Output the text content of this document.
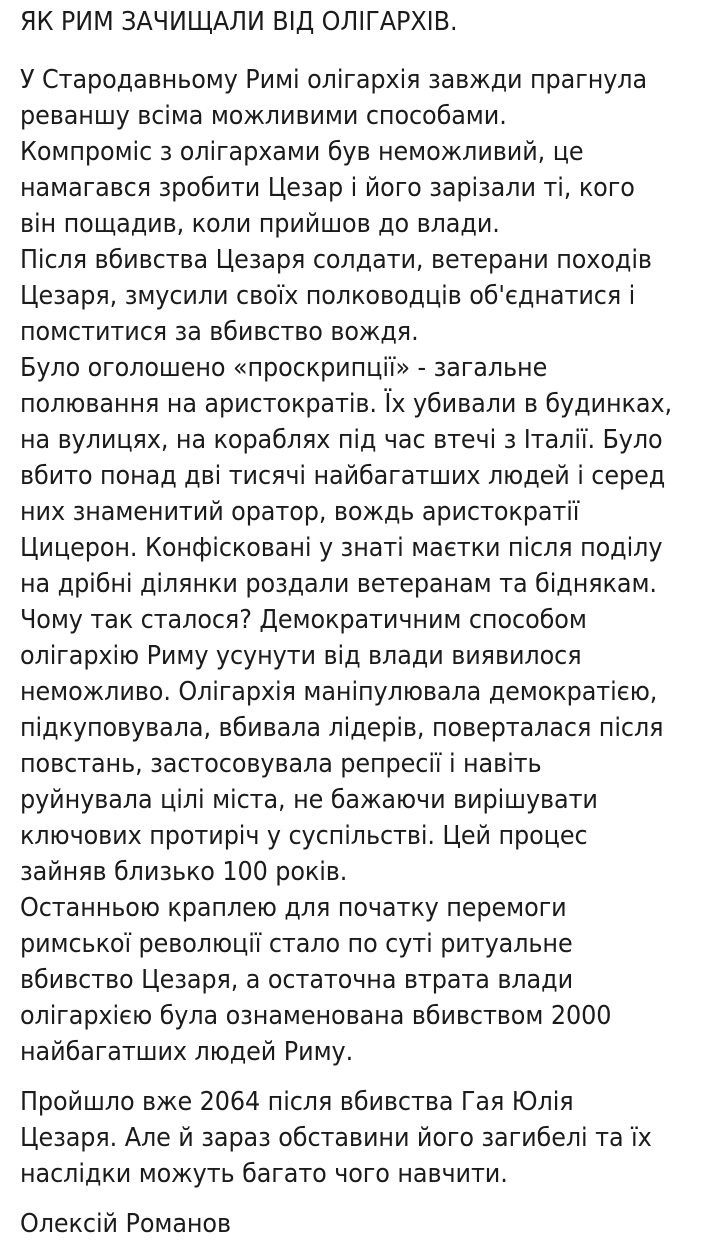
ЯК РИМ ЗАЧИЩАЛИ ВІД ОЛІГАРХІВ.
У Стародавньому Римі олігархія завжди прагнула
реваншу всіма можливими способами.
Компроміс з олігархами був неможливий, це
намагався зробити Цезар і його зарізали ті, кого
він пощадив, коли прийшов до влади.
Після вбивства Цезаря солдати, ветерани походів
Цезаря, змусили своїх полководців об'єднатися і
помститися за вбивство вождя.
Було оголошено «проскрипції» - загальне
полювання на аристократів. Їх убивали в будинках,
на вулицях, на кораблях під час втечі з Італії. Було
вбито понад дві тисячі найбагатших людей і серед
них знаменитий оратор, вождь аристократії
Цицерон. Конфісковані у знаті маєтки після поділу
на дрібні ділянки роздали ветеранам та біднякам.
Чому так сталося? Демократичним способом
олігархію Риму усунути від влади виявилося
неможливо. Олігархія маніпулювала демократією,
підкуповувала, вбивала лідерів, поверталася після
повстань, застосовувала репресії і навіть
руйнувала цілі міста, не бажаючи вирішувати
ключових протиріч у суспільстві. Цей процес
зайняв близько 100 років.
Останньою краплею для початку перемоги
римської революції стало по суті ритуальне
вбивство Цезаря, а остаточна втрата влади
олігархією була ознаменована вбивством 2000
найбагатших людей Риму.
Пройшло вже 2064 після вбивства Гая Юлія
Цезаря. Але й зараз обставини його загибелі та їх
наслідки можуть багато чого навчити.
Олексій Романов
